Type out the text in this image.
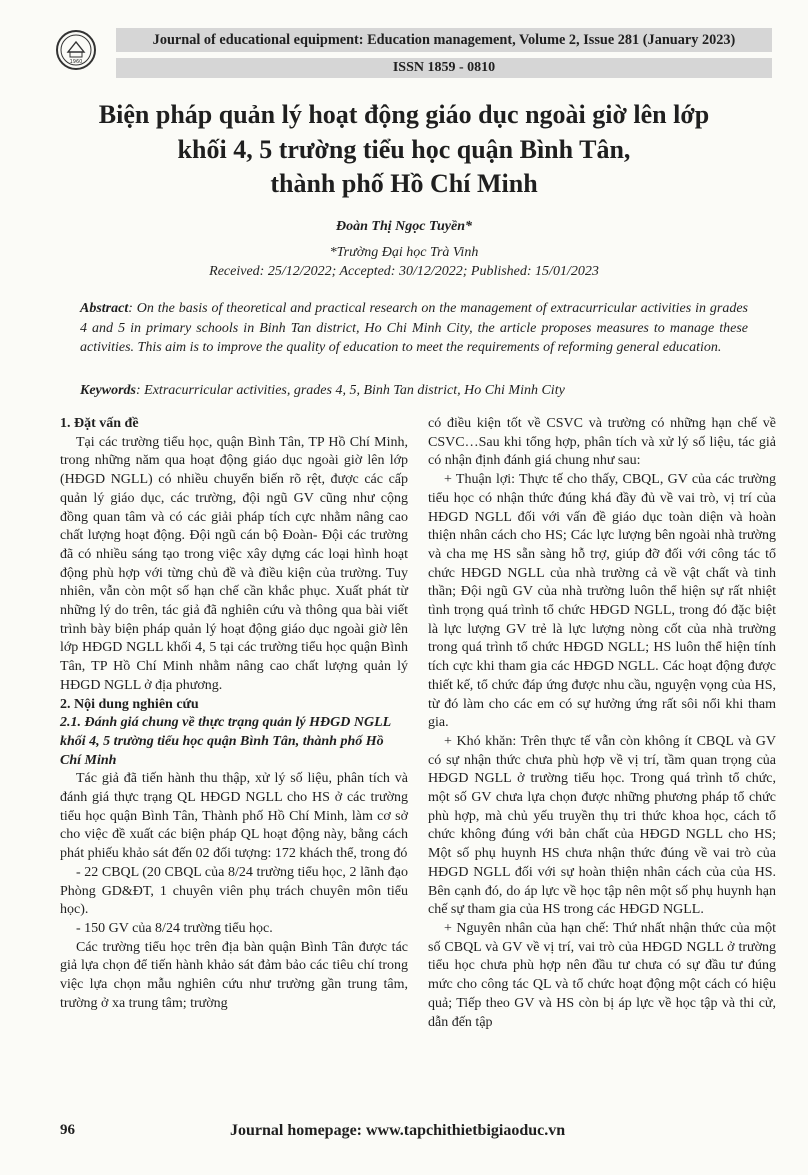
1960
Journal of educational equipment: Education management, Volume 2, Issue 281 (January 2023)
ISSN 1859 - 0810
Biện pháp quản lý hoạt động giáo dục ngoài giờ lên lớp
khối 4, 5 trường tiểu học quận Bình Tân,
thành phố Hồ Chí Minh
Đoàn Thị Ngọc Tuyền*
*Trường Đại học Trà Vinh
Received: 25/12/2022; Accepted: 30/12/2022; Published: 15/01/2023
Abstract: On the basis of theoretical and practical research on the management of extracurricular activities in grades 4 and 5 in primary schools in Binh Tan district, Ho Chi Minh City, the article proposes measures to manage these activities. This aim is to improve the quality of education to meet the requirements of reforming general education.
Keywords: Extracurricular activities, grades 4, 5, Binh Tan district, Ho Chi Minh City

1. Đặt vấn đề

Tại các trường tiểu học, quận Bình Tân, TP Hồ Chí Minh, trong những năm qua hoạt động giáo dục ngoài giờ lên lớp (HĐGD NGLL) có nhiều chuyển biến rõ rệt, được các cấp quản lý giáo dục, các trường, đội ngũ GV cũng như cộng đồng quan tâm và có các giải pháp tích cực nhằm nâng cao chất lượng hoạt động. Đội ngũ cán bộ Đoàn- Đội các trường đã có nhiều sáng tạo trong việc xây dựng các loại hình hoạt động phù hợp với từng chủ đề và điều kiện của trường. Tuy nhiên, vẫn còn một số hạn chế cần khắc phục. Xuất phát từ những lý do trên, tác giả đã nghiên cứu và thông qua bài viết trình bày biện pháp quản lý hoạt động giáo dục ngoài giờ lên lớp HĐGD NGLL khối 4, 5 tại các trường tiểu học quận Bình Tân, TP Hồ Chí Minh nhằm nâng cao chất lượng quản lý HĐGD NGLL ở địa phương.

2. Nội dung nghiên cứu

2.1. Đánh giá chung về thực trạng quản lý HĐGD NGLL khối 4, 5 trường tiểu học quận Bình Tân, thành phố Hồ Chí Minh

Tác giả đã tiến hành thu thập, xử lý số liệu, phân tích và đánh giá thực trạng QL HĐGD NGLL cho HS ở các trường tiểu học quận Bình Tân, Thành phố Hồ Chí Minh, làm cơ sở cho việc đề xuất các biện pháp QL hoạt động này, bằng cách phát phiếu khảo sát đến 02 đối tượng: 172 khách thể, trong đó

- 22 CBQL (20 CBQL của 8/24 trường tiểu học, 2 lãnh đạo Phòng GD&ĐT, 1 chuyên viên phụ trách chuyên môn tiểu học).

- 150 GV của 8/24 trường tiểu học.

Các trường tiểu học trên địa bàn quận Bình Tân được tác giả lựa chọn để tiến hành khảo sát đảm bảo các tiêu chí trong việc lựa chọn mẫu nghiên cứu như trường gần trung tâm, trường ở xa trung tâm; trường

có điều kiện tốt về CSVC và trường có những hạn chế về CSVC…Sau khi tổng hợp, phân tích và xử lý số liệu, tác giả có nhận định đánh giá chung như sau:

+ Thuận lợi: Thực tế cho thấy, CBQL, GV của các trường tiểu học có nhận thức đúng khá đầy đủ về vai trò, vị trí của HĐGD NGLL đối với vấn đề giáo dục toàn diện và hoàn thiện nhân cách cho HS; Các lực lượng bên ngoài nhà trường và cha mẹ HS sẵn sàng hỗ trợ, giúp đỡ đối với công tác tổ chức HĐGD NGLL của nhà trường cả về vật chất và tinh thần; Đội ngũ GV của nhà trường luôn thể hiện sự rất nhiệt tình trọng quá trình tổ chức HĐGD NGLL, trong đó đặc biệt là lực lượng GV trẻ là lực lượng nòng cốt của nhà trường trong quá trình tổ chức HĐGD NGLL; HS luôn thể hiện tính tích cực khi tham gia các HĐGD NGLL. Các hoạt động được thiết kế, tổ chức đáp ứng được nhu cầu, nguyện vọng của HS, từ đó làm cho các em có sự hưởng ứng rất sôi nổi khi tham gia.

+ Khó khăn: Trên thực tế vẫn còn không ít CBQL và GV có sự nhận thức chưa phù hợp về vị trí, tầm quan trọng của HĐGD NGLL ở trường tiểu học. Trong quá trình tổ chức, một số GV chưa lựa chọn được những phương pháp tổ chức phù hợp, mà chủ yếu truyền thụ tri thức khoa học, cách tổ chức không đúng với bản chất của HĐGD NGLL cho HS; Một số phụ huynh HS chưa nhận thức đúng về vai trò của HĐGD NGLL đối với sự hoàn thiện nhân cách của của HS. Bên cạnh đó, do áp lực về học tập nên một số phụ huynh hạn chế sự tham gia của HS trong các HĐGD NGLL.

+ Nguyên nhân của hạn chế: Thứ nhất nhận thức của một số CBQL và GV về vị trí, vai trò của HĐGD NGLL ở trường tiểu học chưa phù hợp nên đầu tư chưa có sự đầu tư đúng mức cho công tác QL và tổ chức hoạt động một cách có hiệu quả; Tiếp theo GV và HS còn bị áp lực về học tập và thi cử, dẫn đến tập

96	Journal homepage: www.tapchithietbigiaoduc.vn
